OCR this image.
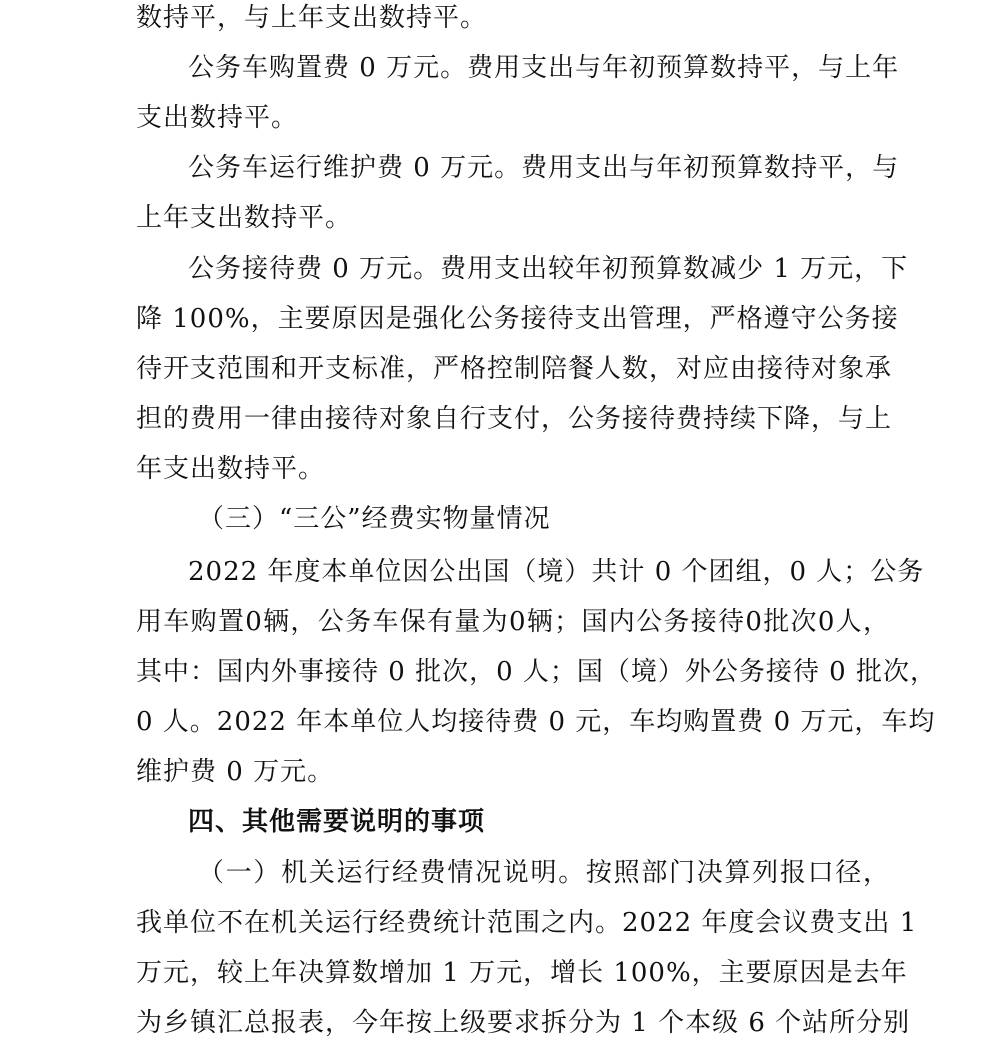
数持平，与上年支出数持平。
公务车购置费 0 万元。费用支出与年初预算数持平，与上年
支出数持平。
公务车运行维护费 0 万元。费用支出与年初预算数持平，与
上年支出数持平。
公务接待费 0 万元。费用支出较年初预算数减少 1 万元，下
降 100%，主要原因是强化公务接待支出管理，严格遵守公务接
待开支范围和开支标准，严格控制陪餐人数，对应由接待对象承
担的费用一律由接待对象自行支付，公务接待费持续下降，与上
年支出数持平。
（三）“三公”经费实物量情况
2022 年度本单位因公出国（境）共计 0 个团组，0 人；公务
用车购置0辆，公务车保有量为0辆；国内公务接待0批次0人，
其中：国内外事接待 0 批次，0 人；国（境）外公务接待 0 批次，
0 人。2022 年本单位人均接待费 0 元，车均购置费 0 万元，车均
维护费 0 万元。
四、其他需要说明的事项
（一）机关运行经费情况说明。按照部门决算列报口径，
我单位不在机关运行经费统计范围之内。2022 年度会议费支出 1
万元，较上年决算数增加 1 万元，增长 100%，主要原因是去年
为乡镇汇总报表，今年按上级要求拆分为 1 个本级 6 个站所分别
